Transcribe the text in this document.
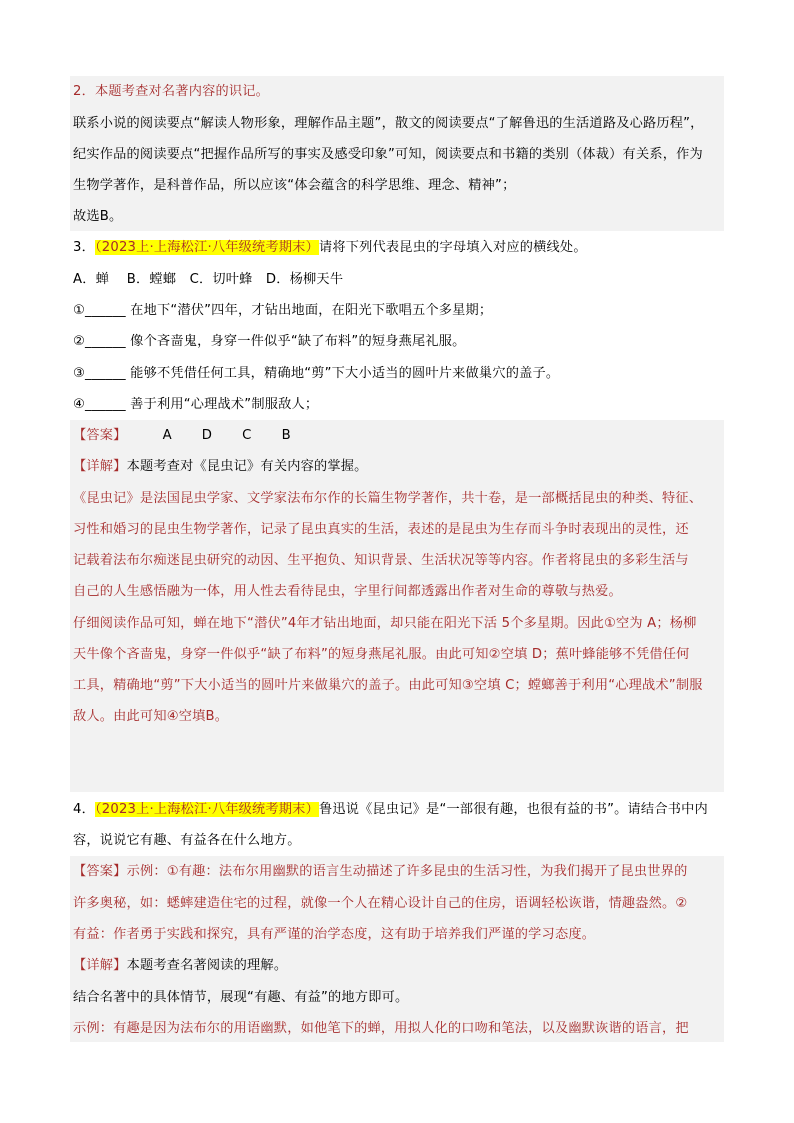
2．本题考查对名著内容的识记。
联系小说的阅读要点“解读人物形象，理解作品主题”，散文的阅读要点“了解鲁迅的生活道路及心路历程”，
纪实作品的阅读要点“把握作品所写的事实及感受印象”可知，阅读要点和书籍的类别（体裁）有关系，作为
生物学著作，是科普作品，所以应该“体会蕴含的科学思维、理念、精神”；
故选B。
3．（2023上·上海松江·八年级统考期末）请将下列代表昆虫的字母填入对应的横线处。
A．蝉　 B．螳螂　C．切叶蜂　D．杨柳天牛
①______ 在地下“潜伏”四年，才钻出地面，在阳光下歌唱五个多星期；
②______ 像个吝啬鬼，身穿一件似乎“缺了布料”的短身燕尾礼服。
③______ 能够不凭借任何工具，精确地“剪”下大小适当的圆叶片来做巢穴的盖子。
④______ 善于利用“心理战术”制服敌人；
【答案】	A D C B
【详解】本题考查对《昆虫记》有关内容的掌握。
《昆虫记》是法国昆虫学家、文学家法布尔作的长篇生物学著作，共十卷，是一部概括昆虫的种类、特征、
习性和婚习的昆虫生物学著作，记录了昆虫真实的生活，表述的是昆虫为生存而斗争时表现出的灵性，还
记载着法布尔痴迷昆虫研究的动因、生平抱负、知识背景、生活状况等等内容。作者将昆虫的多彩生活与
自己的人生感悟融为一体，用人性去看待昆虫，字里行间都透露出作者对生命的尊敬与热爱。
仔细阅读作品可知，蝉在地下“潜伏”4年才钻出地面，却只能在阳光下活 5个多星期。因此①空为 A；杨柳
天牛像个吝啬鬼，身穿一件似乎“缺了布料”的短身燕尾礼服。由此可知②空填 D；蕉叶蜂能够不凭借任何
工具，精确地“剪”下大小适当的圆叶片来做巢穴的盖子。由此可知③空填 C；螳螂善于利用“心理战术”制服
敌人。由此可知④空填B。
4．（2023上·上海松江·八年级统考期末）鲁迅说《昆虫记》是“一部很有趣，也很有益的书”。请结合书中内
容，说说它有趣、有益各在什么地方。
【答案】示例：①有趣：法布尔用幽默的语言生动描述了许多昆虫的生活习性，为我们揭开了昆虫世界的
许多奥秘，如：蟋蟀建造住宅的过程，就像一个人在精心设计自己的住房，语调轻松诙谐，情趣盎然。②
有益：作者勇于实践和探究，具有严谨的治学态度，这有助于培养我们严谨的学习态度。
【详解】本题考查名著阅读的理解。
结合名著中的具体情节，展现“有趣、有益”的地方即可。
示例：有趣是因为法布尔的用语幽默，如他笔下的蝉，用拟人化的口吻和笔法，以及幽默诙谐的语言，把
